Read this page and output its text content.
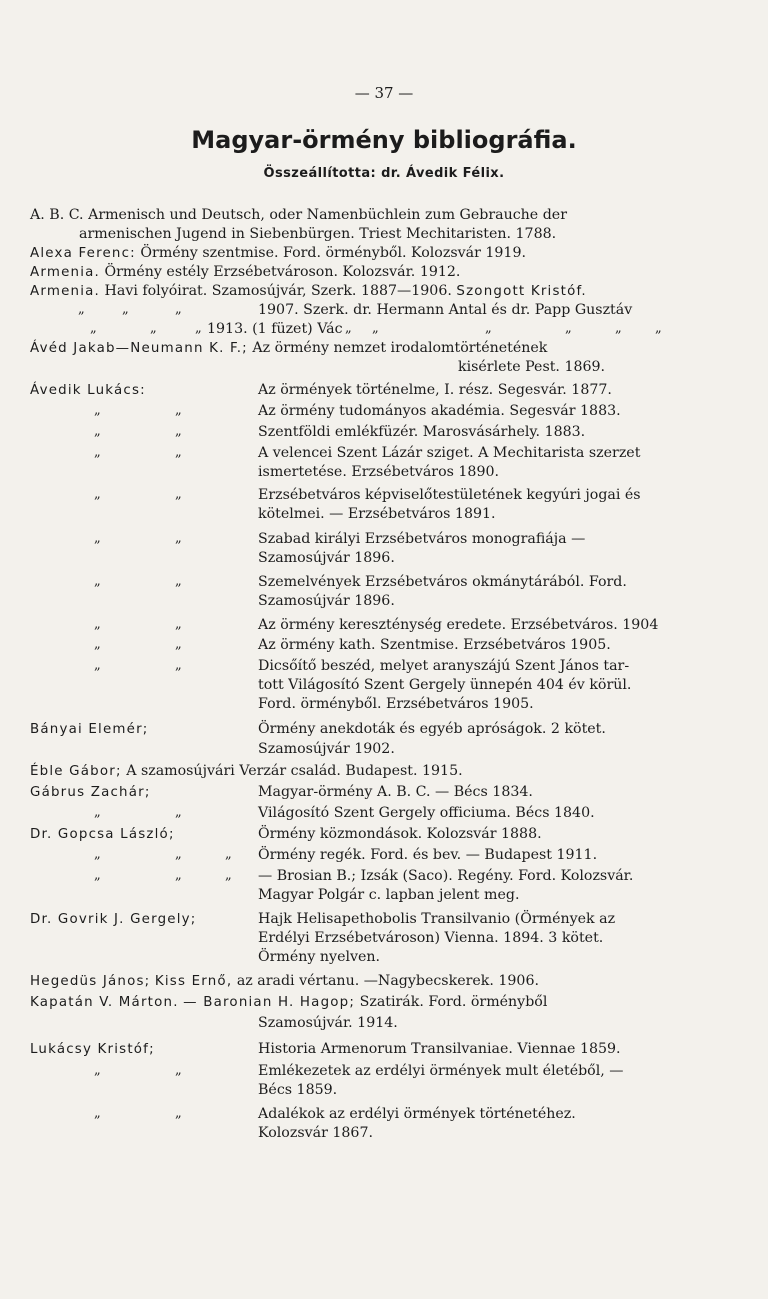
— 37 —
Magyar-örmény bibliográfia.
Összeállította: dr. Ávedik Félix.
A. B. C. Armenisch und Deutsch, oder Namenbüchlein zum Gebrauche der
armenischen Jugend in Siebenbürgen. Triest Mechitaristen. 1788.
Alexa Ferenc: Örmény szentmise. Ford. örményből. Kolozsvár 1919.
Armenia. Örmény estély Erzsébetvároson. Kolozsvár. 1912.
Armenia. Havi folyóirat. Szamosújvár, Szerk. 1887—1906. Szongott Kristóf.
„	„	„	1907. Szerk. dr. Hermann Antal és dr. Papp Gusztáv
„	„	„ 1913. (1 füzet) Vác „ „	„	„	„	„
Ávéd Jakab—Neumann K. F.; Az örmény nemzet irodalomtörténetének
kisérlete Pest. 1869.
Ávedik Lukács:	Az örmények történelme, I. rész. Segesvár. 1877.
„	„	Az örmény tudományos akadémia. Segesvár 1883.
„	„	Szentföldi emlékfüzér. Marosvásárhely. 1883.
„	„	A velencei Szent Lázár sziget. A Mechitarista szerzet
ismertetése. Erzsébetváros 1890.
„	„	Erzsébetváros képviselőtestületének kegyúri jogai és
kötelmei. — Erzsébetváros 1891.
„	„	Szabad királyi Erzsébetváros monografiája —
Szamosújvár 1896.
„	„	Szemelvények Erzsébetváros okmánytárából. Ford.
Szamosújvár 1896.
„	„	Az örmény kereszténység eredete. Erzsébetváros. 1904
„	„	Az örmény kath. Szentmise. Erzsébetváros 1905.
„	„	Dicsőítő beszéd, melyet aranyszájú Szent János tar-
tott Világosító Szent Gergely ünnepén 404 év körül.
Ford. örményből. Erzsébetváros 1905.
Bányai Elemér;	Örmény anekdoták és egyéb apróságok. 2 kötet.
Szamosújvár 1902.
Éble Gábor; A szamosújvári Verzár család. Budapest. 1915.
Gábrus Zachár;	Magyar-örmény A. B. C. — Bécs 1834.
„	„	Világosító Szent Gergely officiuma. Bécs 1840.
Dr. Gopcsa László;	Örmény közmondások. Kolozsvár 1888.
„	„	„ Örmény regék. Ford. és bev. — Budapest 1911.
„	„	„ — Brosian B.; Izsák (Saco). Regény. Ford. Kolozsvár.
Magyar Polgár c. lapban jelent meg.
Dr. Govrik J. Gergely;	Hajk Helisapethobolis Transilvanio (Örmények az
Erdélyi Erzsébetvároson) Vienna. 1894. 3 kötet.
Örmény nyelven.
Hegedüs János; Kiss Ernő, az aradi vértanu. —Nagybecskerek. 1906.
Kapatán V. Márton. — Baronian H. Hagop; Szatirák. Ford. örményből
Szamosújvár. 1914.
Lukácsy Kristóf;	Historia Armenorum Transilvaniae. Viennae 1859.
„	„	Emlékezetek az erdélyi örmények mult életéből, —
Bécs 1859.
„	„	Adalékok az erdélyi örmények történetéhez.
Kolozsvár 1867.
